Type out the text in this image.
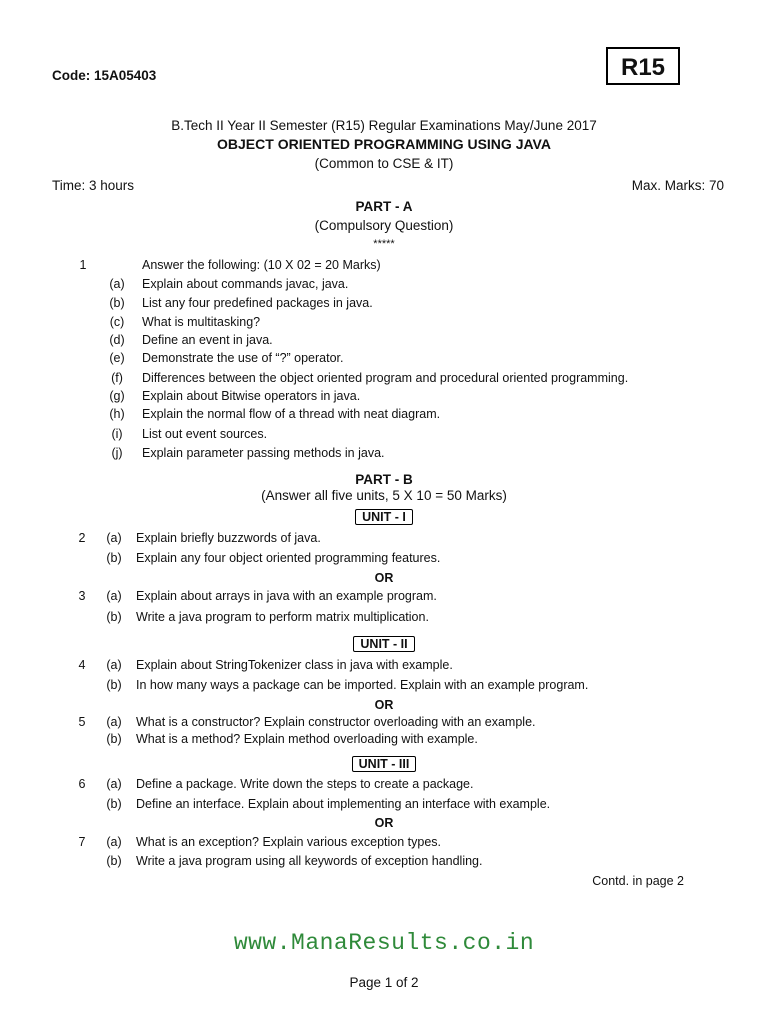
Code: 15A05403	R15
B.Tech II Year II Semester (R15) Regular Examinations May/June 2017
OBJECT ORIENTED PROGRAMMING USING JAVA
(Common to CSE & IT)
Time: 3 hours	Max. Marks: 70
PART - A
(Compulsory Question)
*****
1	Answer the following: (10 X 02 = 20 Marks)
(a)	Explain about commands javac, java.
(b)	List any four predefined packages in java.
(c)	What is multitasking?
(d)	Define an event in java.
(e)	Demonstrate the use of “?” operator.
(f)	Differences between the object oriented program and procedural oriented programming.
(g)	Explain about Bitwise operators in java.
(h)	Explain the normal flow of a thread with neat diagram.
(i)	List out event sources.
(j)	Explain parameter passing methods in java.
PART - B
(Answer all five units, 5 X 10 = 50 Marks)
UNIT - I
2	(a)	Explain briefly buzzwords of java.
(b)	Explain any four object oriented programming features.
OR
3	(a)	Explain about arrays in java with an example program.
(b)	Write a java program to perform matrix multiplication.
UNIT - II
4	(a)	Explain about StringTokenizer class in java with example.
(b)	In how many ways a package can be imported. Explain with an example program.
OR
5	(a)	What is a constructor? Explain constructor overloading with an example.
(b)	What is a method? Explain method overloading with example.
UNIT - III
6	(a)	Define a package. Write down the steps to create a package.
(b)	Define an interface. Explain about implementing an interface with example.
OR
7	(a)	What is an exception? Explain various exception types.
(b)	Write a java program using all keywords of exception handling.
Contd. in page 2
www.ManaResults.co.in
Page 1 of 2
